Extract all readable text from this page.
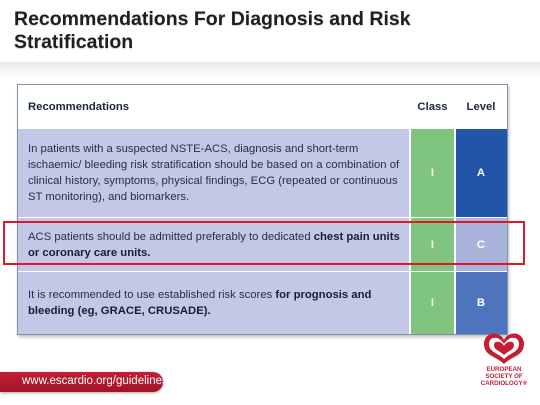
Recommendations For Diagnosis and Risk Stratification
Recommendations	Class	Level
In patients with a suspected NSTE-ACS, diagnosis and short-term ischaemic/ bleeding risk stratification should be based on a combination of clinical history, symptoms, physical findings, ECG (repeated or continuous ST monitoring), and biomarkers.
I	A
ACS patients should be admitted preferably to dedicated chest pain units or coronary care units.
I	C
It is recommended to use established risk scores for prognosis and bleeding (eg, GRACE, CRUSADE).
I	B
www.escardio.org/guidelines
EUROPEAN
SOCIETY OF
CARDIOLOGY®
